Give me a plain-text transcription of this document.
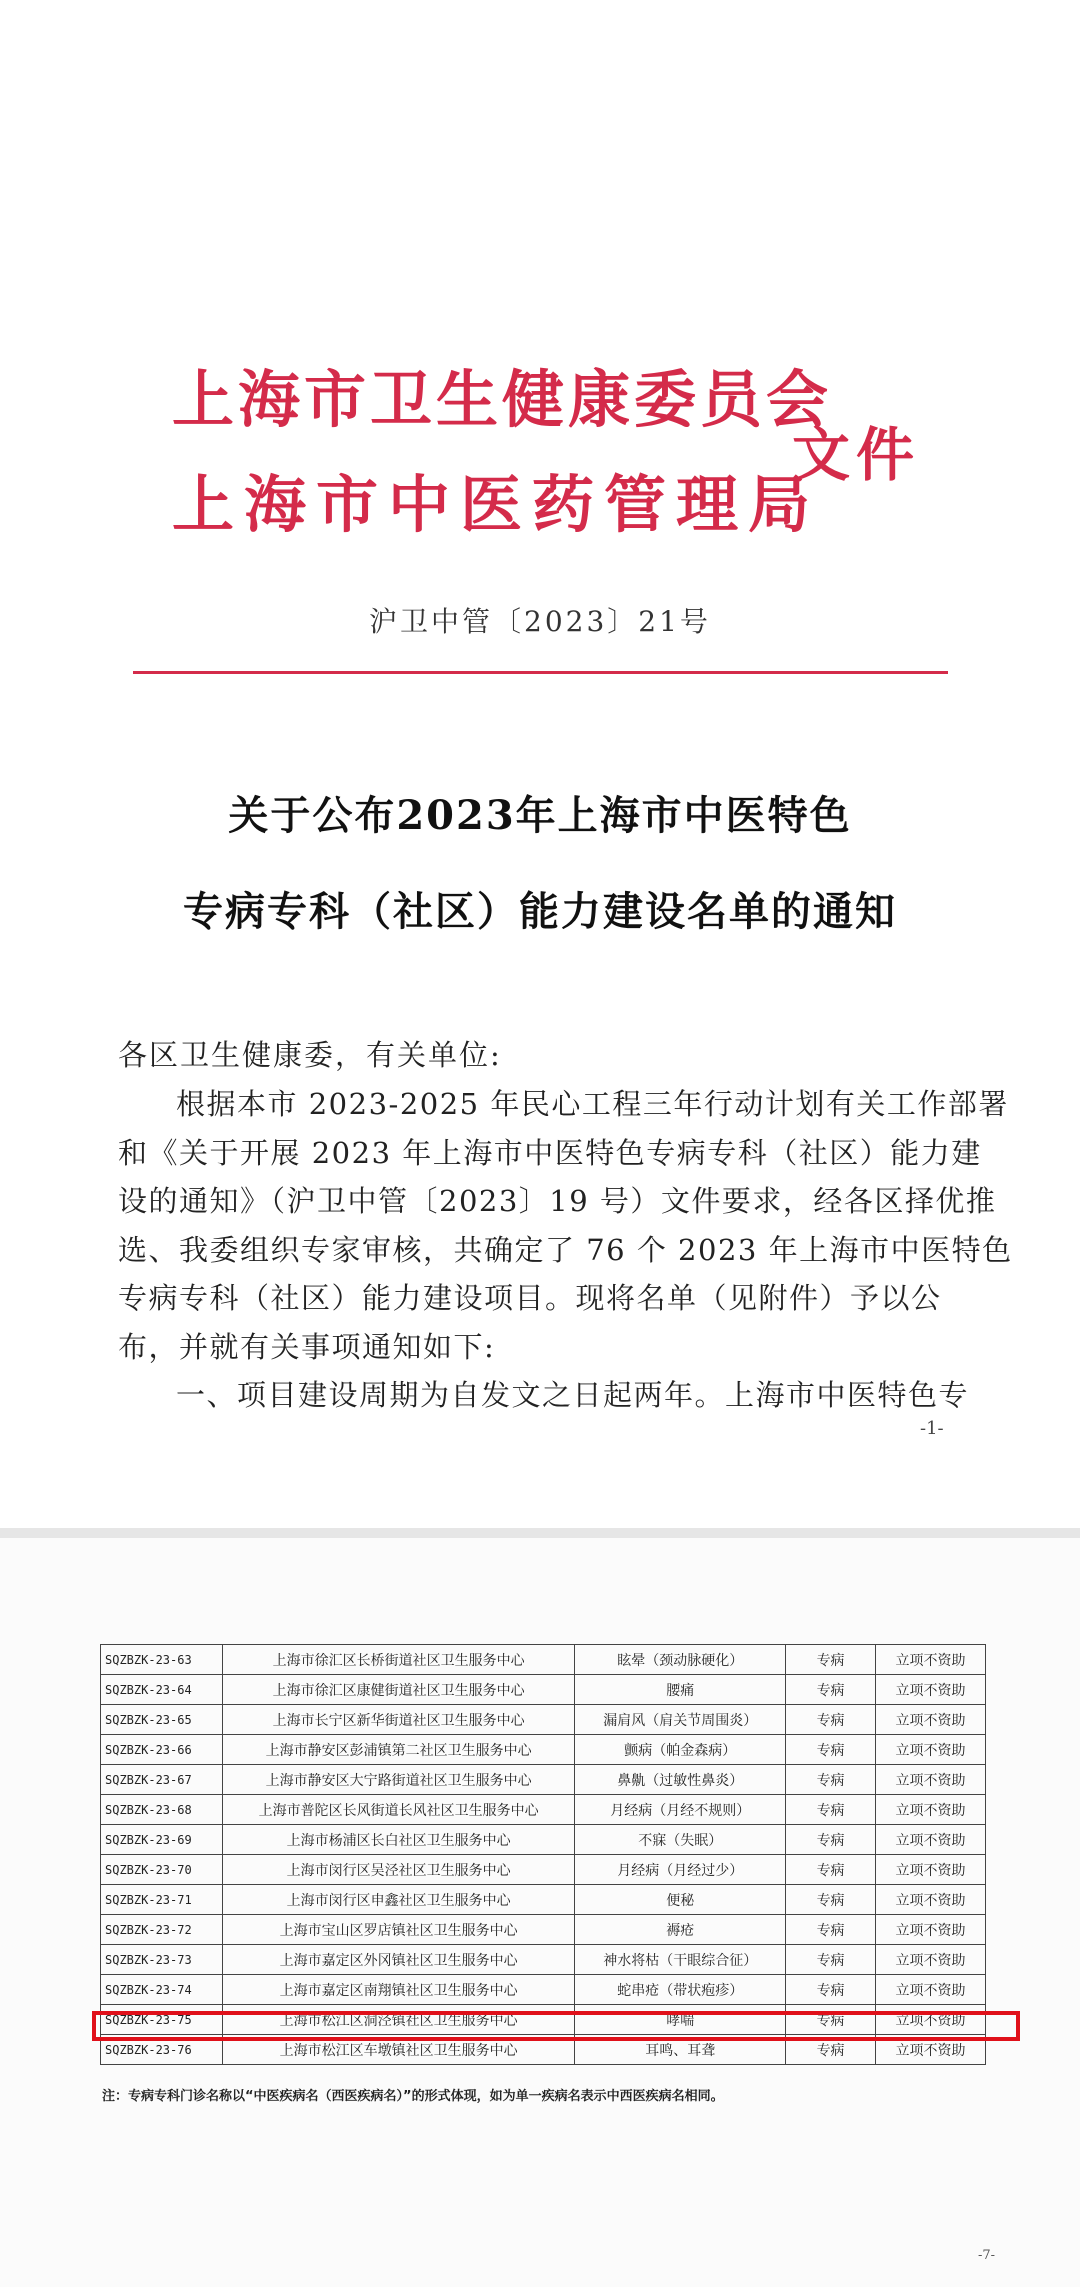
上海市卫生健康委员会
上海市中医药管理局
文件
沪卫中管〔2023〕21号
关于公布2023年上海市中医特色
专病专科（社区）能力建设名单的通知
各区卫生健康委，有关单位:
根据本市 2023-2025 年民心工程三年行动计划有关工作部署
和《关于开展 2023 年上海市中医特色专病专科（社区）能力建
设的通知》（沪卫中管〔2023〕19 号）文件要求，经各区择优推
选、我委组织专家审核，共确定了 76 个 2023 年上海市中医特色
专病专科（社区）能力建设项目。现将名单（见附件）予以公
布，并就有关事项通知如下:
一、项目建设周期为自发文之日起两年。上海市中医特色专
-1-
SQZBZK-23-63	上海市徐汇区长桥街道社区卫生服务中心	眩晕（颈动脉硬化）	专病	立项不资助
SQZBZK-23-64	上海市徐汇区康健街道社区卫生服务中心	腰痛	专病	立项不资助
SQZBZK-23-65	上海市长宁区新华街道社区卫生服务中心	漏肩风（肩关节周围炎）	专病	立项不资助
SQZBZK-23-66	上海市静安区彭浦镇第二社区卫生服务中心	颤病（帕金森病）	专病	立项不资助
SQZBZK-23-67	上海市静安区大宁路街道社区卫生服务中心	鼻鼽（过敏性鼻炎）	专病	立项不资助
SQZBZK-23-68	上海市普陀区长风街道长风社区卫生服务中心	月经病（月经不规则）	专病	立项不资助
SQZBZK-23-69	上海市杨浦区长白社区卫生服务中心	不寐（失眠）	专病	立项不资助
SQZBZK-23-70	上海市闵行区吴泾社区卫生服务中心	月经病（月经过少）	专病	立项不资助
SQZBZK-23-71	上海市闵行区申鑫社区卫生服务中心	便秘	专病	立项不资助
SQZBZK-23-72	上海市宝山区罗店镇社区卫生服务中心	褥疮	专病	立项不资助
SQZBZK-23-73	上海市嘉定区外冈镇社区卫生服务中心	神水将枯（干眼综合征）	专病	立项不资助
SQZBZK-23-74	上海市嘉定区南翔镇社区卫生服务中心	蛇串疮（带状疱疹）	专病	立项不资助
SQZBZK-23-75	上海市松江区洞泾镇社区卫生服务中心	哮喘	专病	立项不资助
SQZBZK-23-76	上海市松江区车墩镇社区卫生服务中心	耳鸣、耳聋	专病	立项不资助
注：专病专科门诊名称以“中医疾病名（西医疾病名）”的形式体现，如为单一疾病名表示中西医疾病名相同。
-7-
